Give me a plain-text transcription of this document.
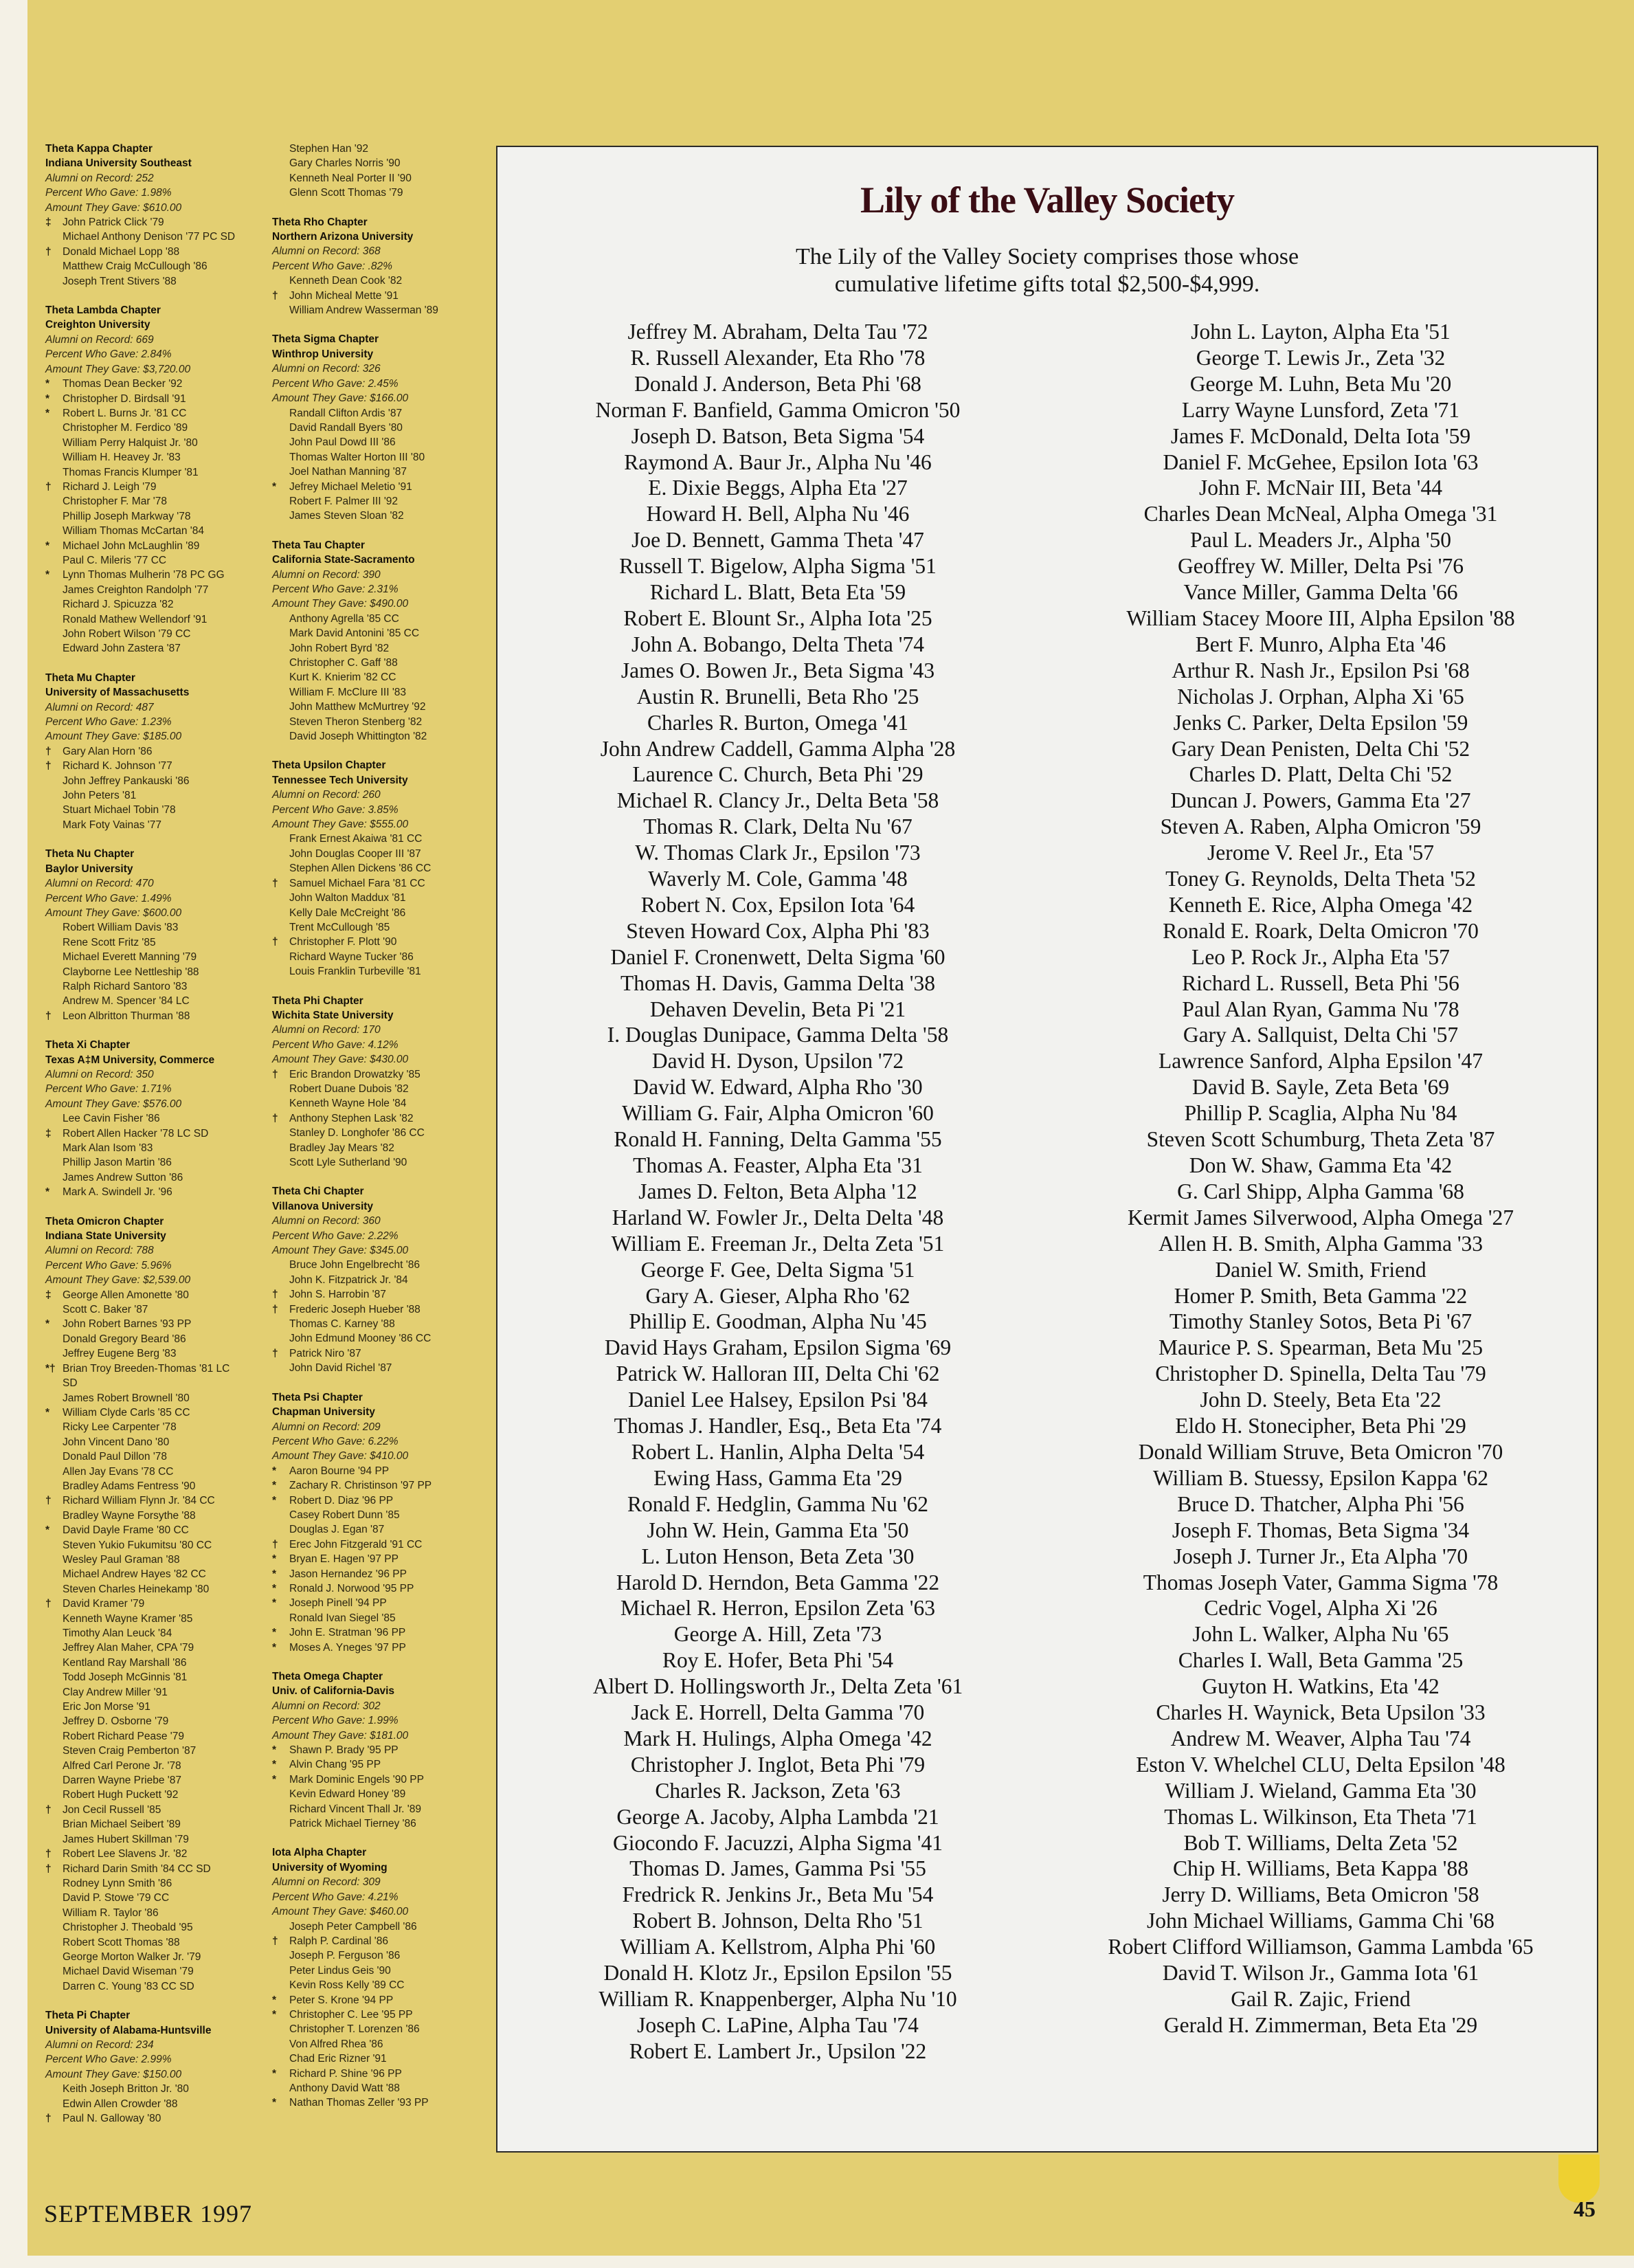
Theta Kappa Chapter
Indiana University Southeast
Alumni on Record: 252
Percent Who Gave: 1.98%
Amount They Gave: $610.00
‡	John Patrick Click '79
Michael Anthony Denison '77 PC SD
†	Donald Michael Lopp '88
Matthew Craig McCullough '86
Joseph Trent Stivers '88
Theta Lambda Chapter
Creighton University
Alumni on Record: 669
Percent Who Gave: 2.84%
Amount They Gave: $3,720.00
*	Thomas Dean Becker '92
*	Christopher D. Birdsall '91
*	Robert L. Burns Jr. '81 CC
Christopher M. Ferdico '89
William Perry Halquist Jr. '80
William H. Heavey Jr. '83
Thomas Francis Klumper '81
†	Richard J. Leigh '79
Christopher F. Mar '78
Phillip Joseph Markway '78
William Thomas McCartan '84
*	Michael John McLaughlin '89
Paul C. Mileris '77 CC
*	Lynn Thomas Mulherin '78 PC GG
James Creighton Randolph '77
Richard J. Spicuzza '82
Ronald Mathew Wellendorf '91
John Robert Wilson '79 CC
Edward John Zastera '87
Theta Mu Chapter
University of Massachusetts
Alumni on Record: 487
Percent Who Gave: 1.23%
Amount They Gave: $185.00
†	Gary Alan Horn '86
†	Richard K. Johnson '77
John Jeffrey Pankauski '86
John Peters '81
Stuart Michael Tobin '78
Mark Foty Vainas '77
Theta Nu Chapter
Baylor University
Alumni on Record: 470
Percent Who Gave: 1.49%
Amount They Gave: $600.00
Robert William Davis '83
Rene Scott Fritz '85
Michael Everett Manning '79
Clayborne Lee Nettleship '88
Ralph Richard Santoro '83
Andrew M. Spencer '84 LC
†	Leon Albritton Thurman '88
Theta Xi Chapter
Texas A‡M University, Commerce
Alumni on Record: 350
Percent Who Gave: 1.71%
Amount They Gave: $576.00
Lee Cavin Fisher '86
‡	Robert Allen Hacker '78 LC SD
Mark Alan Isom '83
Phillip Jason Martin '86
James Andrew Sutton '86
*	Mark A. Swindell Jr. '96
Theta Omicron Chapter
Indiana State University
Alumni on Record: 788
Percent Who Gave: 5.96%
Amount They Gave: $2,539.00
‡	George Allen Amonette '80
Scott C. Baker '87
*	John Robert Barnes '93 PP
Donald Gregory Beard '86
Jeffrey Eugene Berg '83
*† Brian Troy Breeden-Thomas '81 LC
SD
James Robert Brownell '80
*	William Clyde Carls '85 CC
Ricky Lee Carpenter '78
John Vincent Dano '80
Donald Paul Dillon '78
Allen Jay Evans '78 CC
Bradley Adams Fentress '90
†	Richard William Flynn Jr. '84 CC
Bradley Wayne Forsythe '88
*	David Dayle Frame '80 CC
Steven Yukio Fukumitsu '80 CC
Wesley Paul Graman '88
Michael Andrew Hayes '82 CC
Steven Charles Heinekamp '80
†	David Kramer '79
Kenneth Wayne Kramer '85
Timothy Alan Leuck '84
Jeffrey Alan Maher, CPA '79
Kentland Ray Marshall '86
Todd Joseph McGinnis '81
Clay Andrew Miller '91
Eric Jon Morse '91
Jeffrey D. Osborne '79
Robert Richard Pease '79
Steven Craig Pemberton '87
Alfred Carl Perone Jr. '78
Darren Wayne Priebe '87
Robert Hugh Puckett '92
†	Jon Cecil Russell '85
Brian Michael Seibert '89
James Hubert Skillman '79
†	Robert Lee Slavens Jr. '82
†	Richard Darin Smith '84 CC SD
Rodney Lynn Smith '86
David P. Stowe '79 CC
William R. Taylor '86
Christopher J. Theobald '95
Robert Scott Thomas '88
George Morton Walker Jr. '79
Michael David Wiseman '79
Darren C. Young '83 CC SD
Theta Pi Chapter
University of Alabama-Huntsville
Alumni on Record: 234
Percent Who Gave: 2.99%
Amount They Gave: $150.00
Keith Joseph Britton Jr. '80
Edwin Allen Crowder '88
†	Paul N. Galloway '80
Stephen Han '92
Gary Charles Norris '90
Kenneth Neal Porter II '90
Glenn Scott Thomas '79
Theta Rho Chapter
Northern Arizona University
Alumni on Record: 368
Percent Who Gave: .82%
Kenneth Dean Cook '82
†	John Micheal Mette '91
William Andrew Wasserman '89
Theta Sigma Chapter
Winthrop University
Alumni on Record: 326
Percent Who Gave: 2.45%
Amount They Gave: $166.00
Randall Clifton Ardis '87
David Randall Byers '80
John Paul Dowd III '86
Thomas Walter Horton III '80
Joel Nathan Manning '87
*	Jefrey Michael Meletio '91
Robert F. Palmer III '92
James Steven Sloan '82
Theta Tau Chapter
California State-Sacramento
Alumni on Record: 390
Percent Who Gave: 2.31%
Amount They Gave: $490.00
Anthony Agrella '85 CC
Mark David Antonini '85 CC
John Robert Byrd '82
Christopher C. Gaff '88
Kurt K. Knierim '82 CC
William F. McClure III '83
John Matthew McMurtrey '92
Steven Theron Stenberg '82
David Joseph Whittington '82
Theta Upsilon Chapter
Tennessee Tech University
Alumni on Record: 260
Percent Who Gave: 3.85%
Amount They Gave: $555.00
Frank Ernest Akaiwa '81 CC
John Douglas Cooper III '87
Stephen Allen Dickens '86 CC
†	Samuel Michael Fara '81 CC
John Walton Maddux '81
Kelly Dale McCreight '86
Trent McCullough '85
†	Christopher F. Plott '90
Richard Wayne Tucker '86
Louis Franklin Turbeville '81
Theta Phi Chapter
Wichita State University
Alumni on Record: 170
Percent Who Gave: 4.12%
Amount They Gave: $430.00
†	Eric Brandon Drowatzky '85
Robert Duane Dubois '82
Kenneth Wayne Hole '84
†	Anthony Stephen Lask '82
Stanley D. Longhofer '86 CC
Bradley Jay Mears '82
Scott Lyle Sutherland '90
Theta Chi Chapter
Villanova University
Alumni on Record: 360
Percent Who Gave: 2.22%
Amount They Gave: $345.00
Bruce John Engelbrecht '86
John K. Fitzpatrick Jr. '84
†	John S. Harrobin '87
†	Frederic Joseph Hueber '88
Thomas C. Karney '88
John Edmund Mooney '86 CC
†	Patrick Niro '87
John David Richel '87
Theta Psi Chapter
Chapman University
Alumni on Record: 209
Percent Who Gave: 6.22%
Amount They Gave: $410.00
*	Aaron Bourne '94 PP
*	Zachary R. Christinson '97 PP
*	Robert D. Diaz '96 PP
Casey Robert Dunn '85
Douglas J. Egan '87
†	Erec John Fitzgerald '91 CC
*	Bryan E. Hagen '97 PP
*	Jason Hernandez '96 PP
*	Ronald J. Norwood '95 PP
*	Joseph Pinell '94 PP
Ronald Ivan Siegel '85
*	John E. Stratman '96 PP
*	Moses A. Yneges '97 PP
Theta Omega Chapter
Univ. of California-Davis
Alumni on Record: 302
Percent Who Gave: 1.99%
Amount They Gave: $181.00
*	Shawn P. Brady '95 PP
*	Alvin Chang '95 PP
*	Mark Dominic Engels '90 PP
Kevin Edward Honey '89
Richard Vincent Thall Jr. '89
Patrick Michael Tierney '86
Iota Alpha Chapter
University of Wyoming
Alumni on Record: 309
Percent Who Gave: 4.21%
Amount They Gave: $460.00
Joseph Peter Campbell '86
†	Ralph P. Cardinal '86
Joseph P. Ferguson '86
Peter Lindus Geis '90
Kevin Ross Kelly '89 CC
*	Peter S. Krone '94 PP
*	Christopher C. Lee '95 PP
Christopher T. Lorenzen '86
Von Alfred Rhea '86
Chad Eric Rizner '91
*	Richard P. Shine '96 PP
Anthony David Watt '88
*	Nathan Thomas Zeller '93 PP
Lily of the Valley Society
The Lily of the Valley Society comprises those whose
cumulative lifetime gifts total $2,500-$4,999.
Jeffrey M. Abraham, Delta Tau '72
R. Russell Alexander, Eta Rho '78
Donald J. Anderson, Beta Phi '68
Norman F. Banfield, Gamma Omicron '50
Joseph D. Batson, Beta Sigma '54
Raymond A. Baur Jr., Alpha Nu '46
E. Dixie Beggs, Alpha Eta '27
Howard H. Bell, Alpha Nu '46
Joe D. Bennett, Gamma Theta '47
Russell T. Bigelow, Alpha Sigma '51
Richard L. Blatt, Beta Eta '59
Robert E. Blount Sr., Alpha Iota '25
John A. Bobango, Delta Theta '74
James O. Bowen Jr., Beta Sigma '43
Austin R. Brunelli, Beta Rho '25
Charles R. Burton, Omega '41
John Andrew Caddell, Gamma Alpha '28
Laurence C. Church, Beta Phi '29
Michael R. Clancy Jr., Delta Beta '58
Thomas R. Clark, Delta Nu '67
W. Thomas Clark Jr., Epsilon '73
Waverly M. Cole, Gamma '48
Robert N. Cox, Epsilon Iota '64
Steven Howard Cox, Alpha Phi '83
Daniel F. Cronenwett, Delta Sigma '60
Thomas H. Davis, Gamma Delta '38
Dehaven Develin, Beta Pi '21
I. Douglas Dunipace, Gamma Delta '58
David H. Dyson, Upsilon '72
David W. Edward, Alpha Rho '30
William G. Fair, Alpha Omicron '60
Ronald H. Fanning, Delta Gamma '55
Thomas A. Feaster, Alpha Eta '31
James D. Felton, Beta Alpha '12
Harland W. Fowler Jr., Delta Delta '48
William E. Freeman Jr., Delta Zeta '51
George F. Gee, Delta Sigma '51
Gary A. Gieser, Alpha Rho '62
Phillip E. Goodman, Alpha Nu '45
David Hays Graham, Epsilon Sigma '69
Patrick W. Halloran III, Delta Chi '62
Daniel Lee Halsey, Epsilon Psi '84
Thomas J. Handler, Esq., Beta Eta '74
Robert L. Hanlin, Alpha Delta '54
Ewing Hass, Gamma Eta '29
Ronald F. Hedglin, Gamma Nu '62
John W. Hein, Gamma Eta '50
L. Luton Henson, Beta Zeta '30
Harold D. Herndon, Beta Gamma '22
Michael R. Herron, Epsilon Zeta '63
George A. Hill, Zeta '73
Roy E. Hofer, Beta Phi '54
Albert D. Hollingsworth Jr., Delta Zeta '61
Jack E. Horrell, Delta Gamma '70
Mark H. Hulings, Alpha Omega '42
Christopher J. Inglot, Beta Phi '79
Charles R. Jackson, Zeta '63
George A. Jacoby, Alpha Lambda '21
Giocondo F. Jacuzzi, Alpha Sigma '41
Thomas D. James, Gamma Psi '55
Fredrick R. Jenkins Jr., Beta Mu '54
Robert B. Johnson, Delta Rho '51
William A. Kellstrom, Alpha Phi '60
Donald H. Klotz Jr., Epsilon Epsilon '55
William R. Knappenberger, Alpha Nu '10
Joseph C. LaPine, Alpha Tau '74
Robert E. Lambert Jr., Upsilon '22
John L. Layton, Alpha Eta '51
George T. Lewis Jr., Zeta '32
George M. Luhn, Beta Mu '20
Larry Wayne Lunsford, Zeta '71
James F. McDonald, Delta Iota '59
Daniel F. McGehee, Epsilon Iota '63
John F. McNair III, Beta '44
Charles Dean McNeal, Alpha Omega '31
Paul L. Meaders Jr., Alpha '50
Geoffrey W. Miller, Delta Psi '76
Vance Miller, Gamma Delta '66
William Stacey Moore III, Alpha Epsilon '88
Bert F. Munro, Alpha Eta '46
Arthur R. Nash Jr., Epsilon Psi '68
Nicholas J. Orphan, Alpha Xi '65
Jenks C. Parker, Delta Epsilon '59
Gary Dean Penisten, Delta Chi '52
Charles D. Platt, Delta Chi '52
Duncan J. Powers, Gamma Eta '27
Steven A. Raben, Alpha Omicron '59
Jerome V. Reel Jr., Eta '57
Toney G. Reynolds, Delta Theta '52
Kenneth E. Rice, Alpha Omega '42
Ronald E. Roark, Delta Omicron '70
Leo P. Rock Jr., Alpha Eta '57
Richard L. Russell, Beta Phi '56
Paul Alan Ryan, Gamma Nu '78
Gary A. Sallquist, Delta Chi '57
Lawrence Sanford, Alpha Epsilon '47
David B. Sayle, Zeta Beta '69
Phillip P. Scaglia, Alpha Nu '84
Steven Scott Schumburg, Theta Zeta '87
Don W. Shaw, Gamma Eta '42
G. Carl Shipp, Alpha Gamma '68
Kermit James Silverwood, Alpha Omega '27
Allen H. B. Smith, Alpha Gamma '33
Daniel W. Smith, Friend
Homer P. Smith, Beta Gamma '22
Timothy Stanley Sotos, Beta Pi '67
Maurice P. S. Spearman, Beta Mu '25
Christopher D. Spinella, Delta Tau '79
John D. Steely, Beta Eta '22
Eldo H. Stonecipher, Beta Phi '29
Donald William Struve, Beta Omicron '70
William B. Stuessy, Epsilon Kappa '62
Bruce D. Thatcher, Alpha Phi '56
Joseph F. Thomas, Beta Sigma '34
Joseph J. Turner Jr., Eta Alpha '70
Thomas Joseph Vater, Gamma Sigma '78
Cedric Vogel, Alpha Xi '26
John L. Walker, Alpha Nu '65
Charles I. Wall, Beta Gamma '25
Guyton H. Watkins, Eta '42
Charles H. Waynick, Beta Upsilon '33
Andrew M. Weaver, Alpha Tau '74
Eston V. Whelchel CLU, Delta Epsilon '48
William J. Wieland, Gamma Eta '30
Thomas L. Wilkinson, Eta Theta '71
Bob T. Williams, Delta Zeta '52
Chip H. Williams, Beta Kappa '88
Jerry D. Williams, Beta Omicron '58
John Michael Williams, Gamma Chi '68
Robert Clifford Williamson, Gamma Lambda '65
David T. Wilson Jr., Gamma Iota '61
Gail R. Zajic, Friend
Gerald H. Zimmerman, Beta Eta '29
SEPTEMBER 1997	45
